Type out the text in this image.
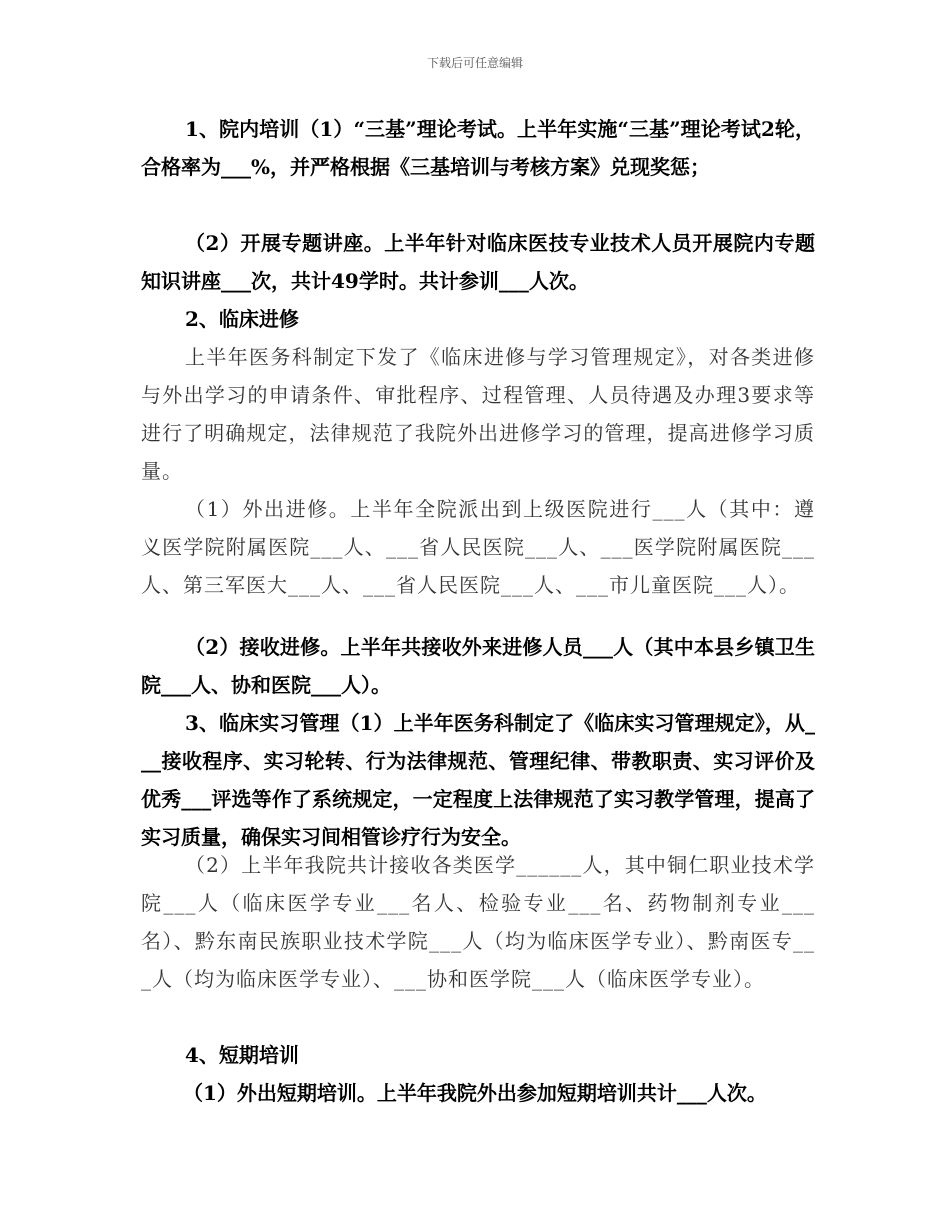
下载后可任意编辑

1、院内培训（1）“三基”理论考试。上半年实施“三基”理论考试2轮，合格率为___%，并严格根据《三基培训与考核方案》兑现奖惩；

（2）开展专题讲座。上半年针对临床医技专业技术人员开展院内专题知识讲座___次，共计49学时。共计参训___人次。

2、临床进修

上半年医务科制定下发了《临床进修与学习管理规定》，对各类进修与外出学习的申请条件、审批程序、过程管理、人员待遇及办理3要求等进行了明确规定，法律规范了我院外出进修学习的管理，提高进修学习质量。

（1）外出进修。上半年全院派出到上级医院进行___人（其中：遵义医学院附属医院___人、___省人民医院___人、___医学院附属医院___人、第三军医大___人、___省人民医院___人、___市儿童医院___人）。

（2）接收进修。上半年共接收外来进修人员___人（其中本县乡镇卫生院___人、协和医院___人）。

3、临床实习管理（1）上半年医务科制定了《临床实习管理规定》，从___接收程序、实习轮转、行为法律规范、管理纪律、带教职责、实习评价及优秀___评选等作了系统规定，一定程度上法律规范了实习教学管理，提高了实习质量，确保实习间相管诊疗行为安全。

（2）上半年我院共计接收各类医学______人，其中铜仁职业技术学院___人（临床医学专业___名人、检验专业___名、药物制剂专业___名）、黔东南民族职业技术学院___人（均为临床医学专业）、黔南医专___人（均为临床医学专业）、___协和医学院___人（临床医学专业）。

4、短期培训

（1）外出短期培训。上半年我院外出参加短期培训共计___人次。
